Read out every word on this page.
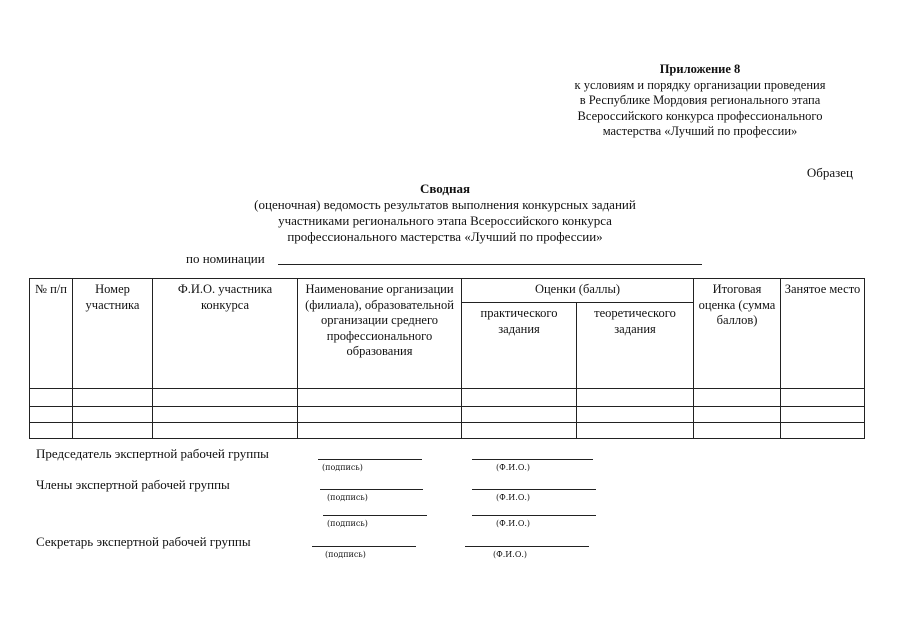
Приложение 8
к условиям и порядку организации проведения
в Республике Мордовия регионального этапа
Всероссийского конкурса профессионального
мастерства «Лучший по профессии»
Образец
Сводная
(оценочная) ведомость результатов выполнения конкурсных заданий
участниками регионального этапа Всероссийского конкурса
профессионального мастерства «Лучший по профессии»
по номинации
№ п/п	Номер участника	Ф.И.О. участника конкурса	Наименование организации (филиала), образовательной организации среднего профессионального образования	Оценки (баллы)		Итоговая оценка (сумма баллов)	Занятое место
				практического задания	теоретического задания		

Председатель экспертной рабочей группы
(подпись)	(Ф.И.О.)
Члены экспертной рабочей группы
(подпись)	(Ф.И.О.)
(подпись)	(Ф.И.О.)
Секретарь экспертной рабочей группы
(подпись)	(Ф.И.О.)
